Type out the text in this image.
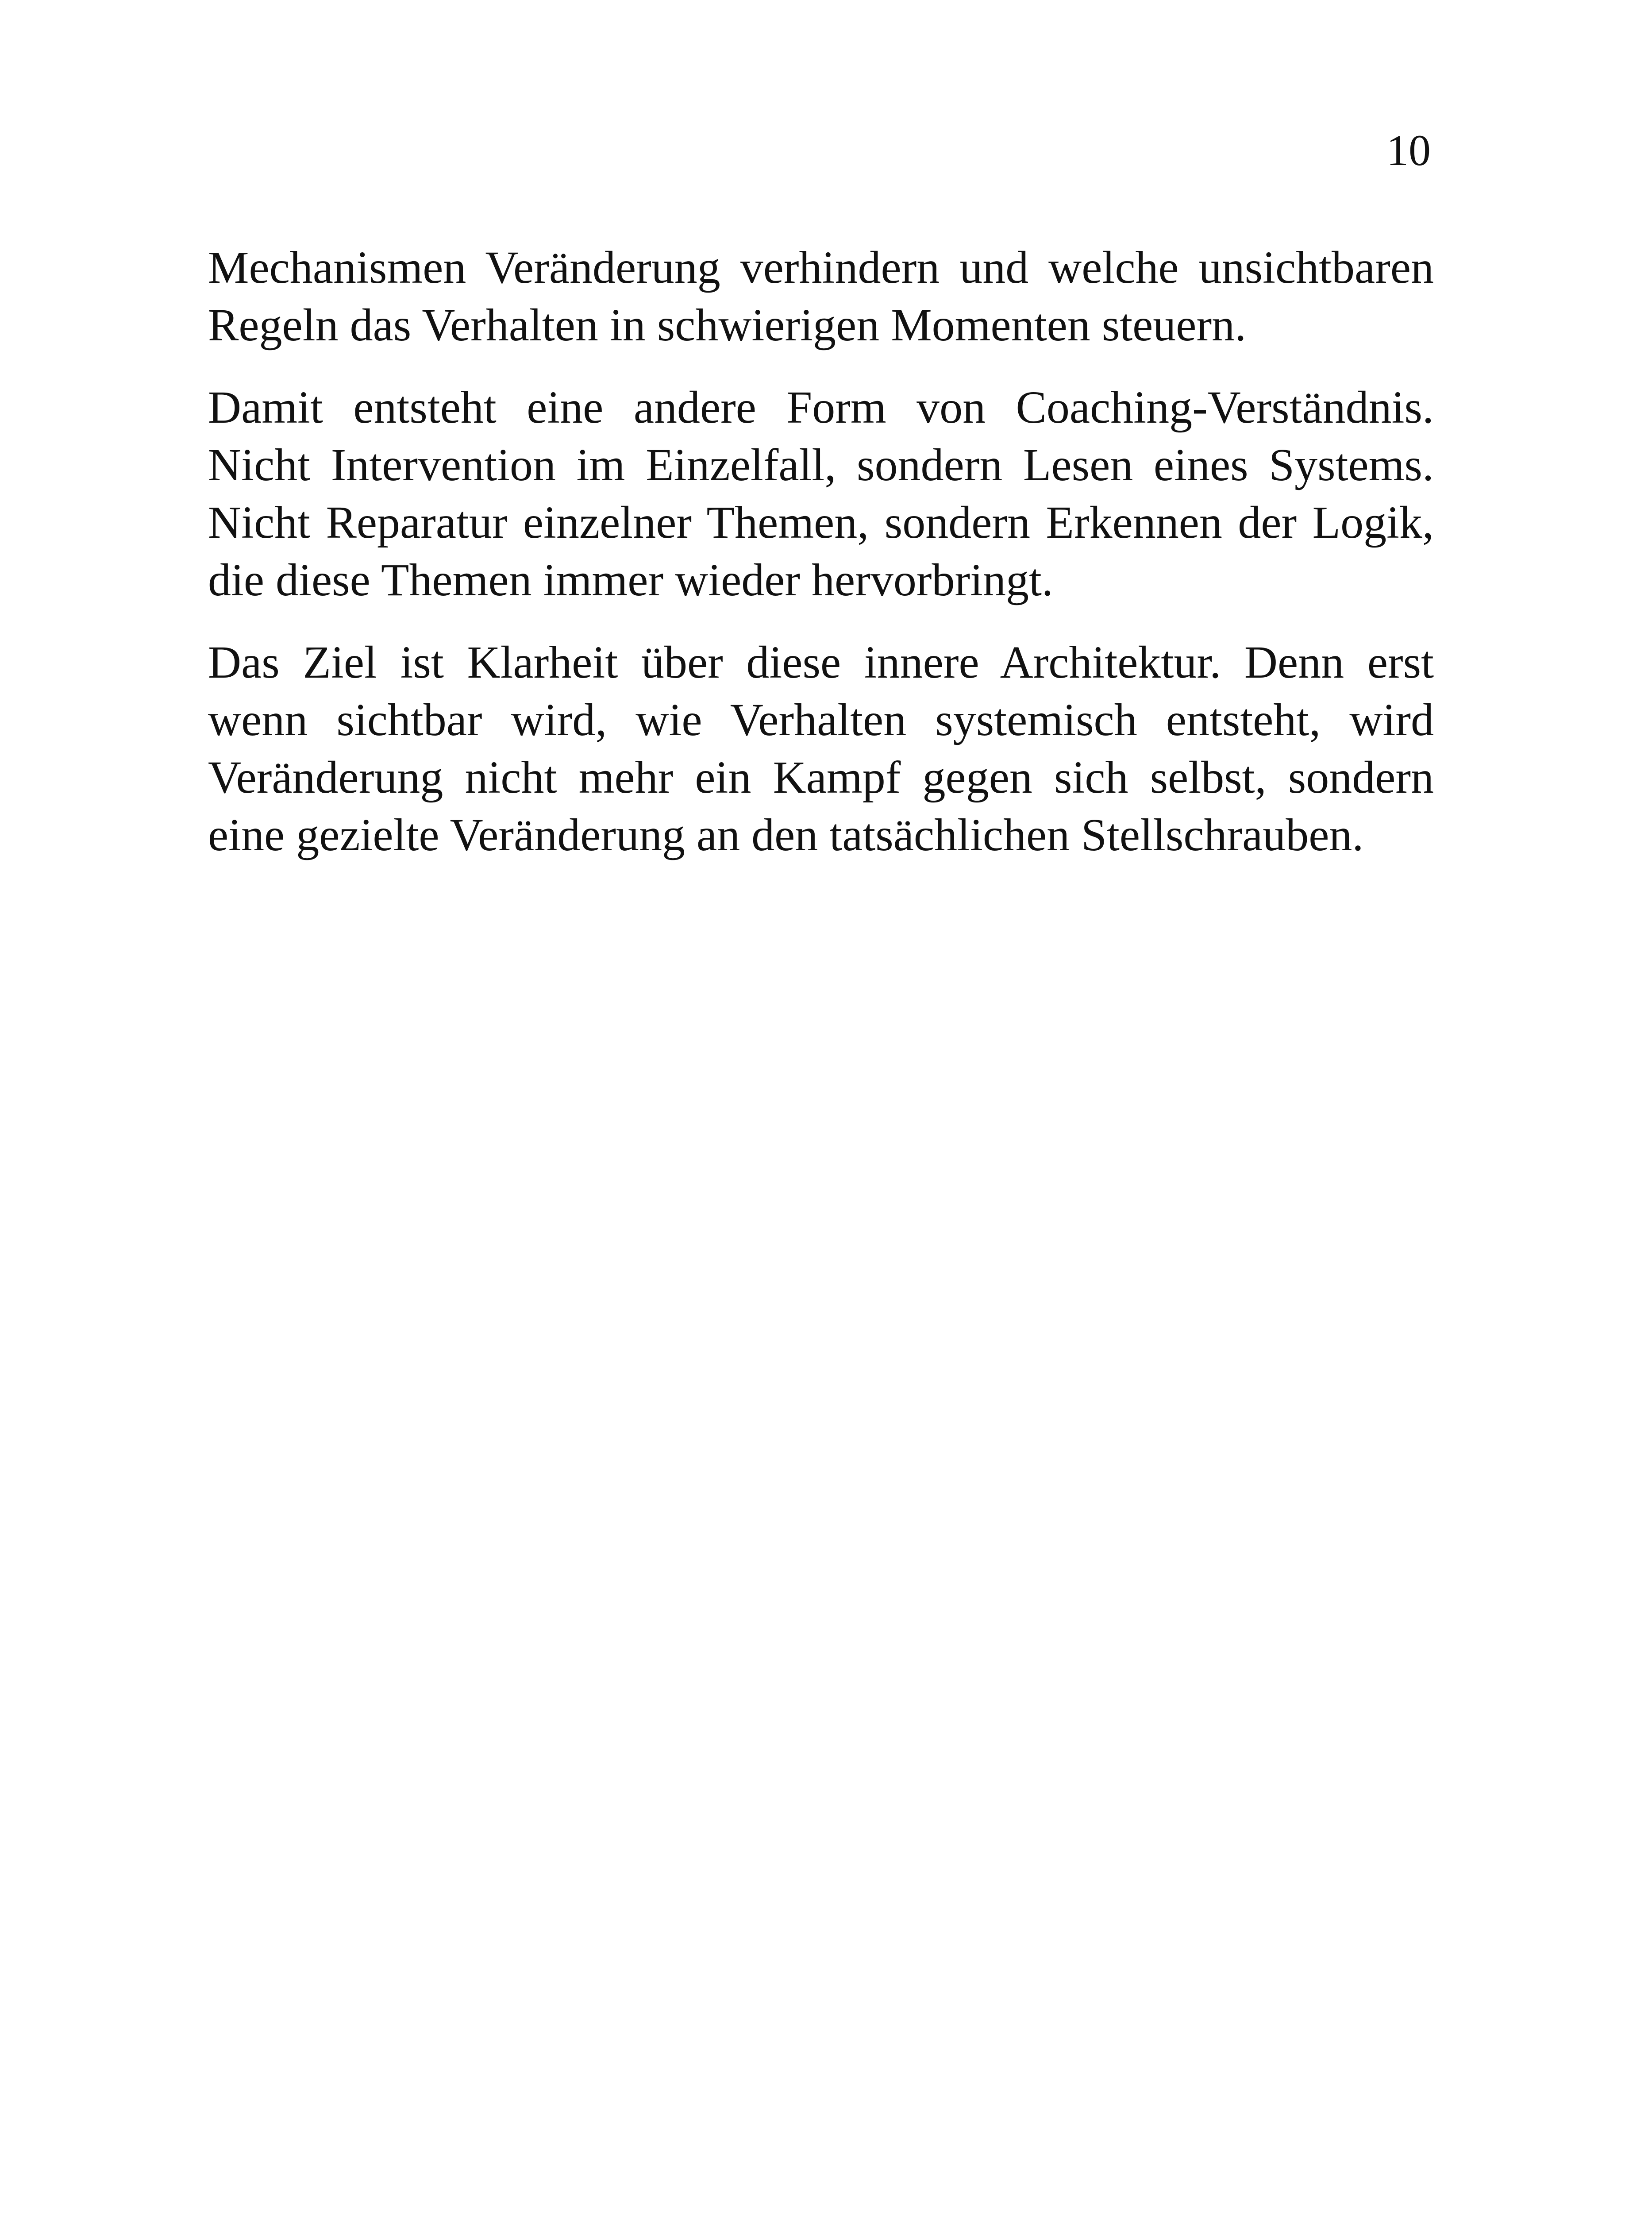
10

Mechanismen Veränderung verhindern und welche unsichtbaren Regeln das Verhalten in schwierigen Momenten steuern.

Damit entsteht eine andere Form von Coaching-Verständnis. Nicht Intervention im Einzelfall, sondern Lesen eines Systems. Nicht Reparatur einzelner Themen, sondern Erkennen der Logik, die diese Themen immer wieder hervorbringt.

Das Ziel ist Klarheit über diese innere Architektur. Denn erst wenn sichtbar wird, wie Verhalten systemisch entsteht, wird Veränderung nicht mehr ein Kampf gegen sich selbst, sondern eine gezielte Veränderung an den tatsächlichen Stellschrauben.
